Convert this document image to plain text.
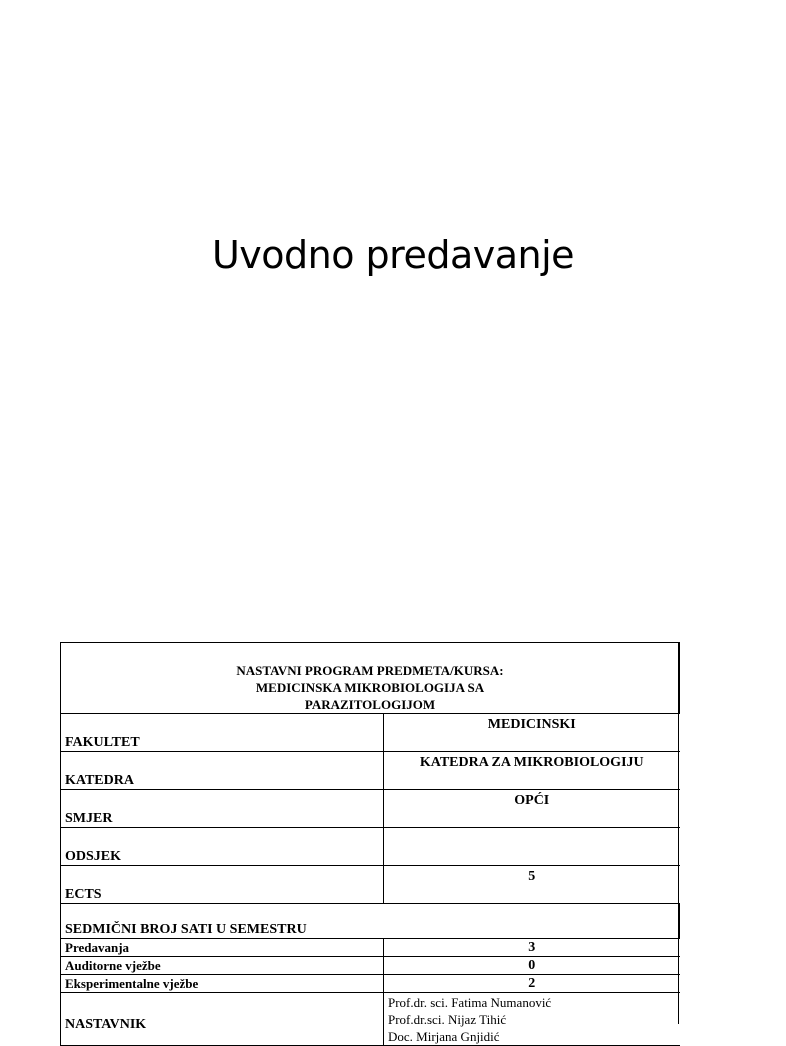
Uvodno predavanje
NASTAVNI PROGRAM PREDMETA/KURSA:
MEDICINSKA MIKROBIOLOGIJA SA
PARAZITOLOGIJOM	

FAKULTET	MEDICINSKI
KATEDRA	KATEDRA ZA MIKROBIOLOGIJU
SMJER	OPĆI
ODSJEK	
ECTS	5
SEDMIČNI BROJ SATI U SEMESTRU	
Predavanja	3
Auditorne vježbe	0
Eksperimentalne vježbe	2
NASTAVNIK	Prof.dr. sci. Fatima Numanović
Prof.dr.sci. Nijaz Tihić
Doc. Mirjana Gnjidić
